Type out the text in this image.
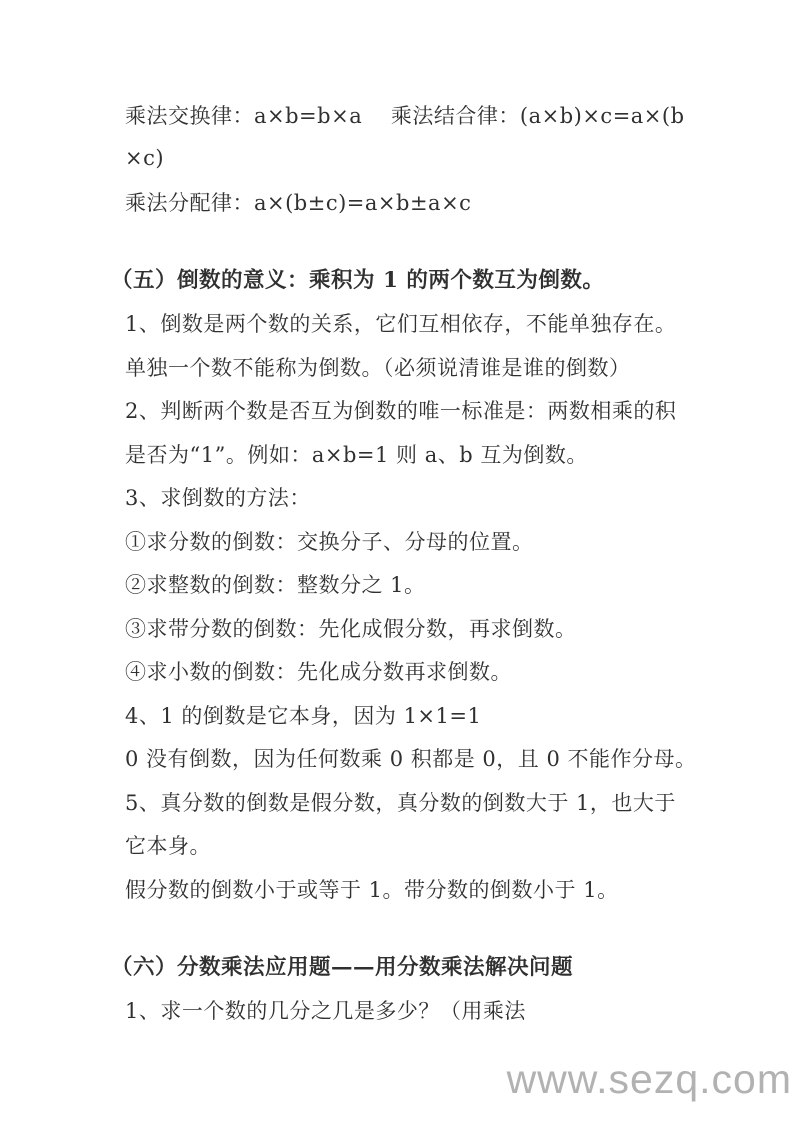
乘法交换律：a×b=b×a　 乘法结合律：(a×b)×c=a×(b
×c)
乘法分配律：a×(b±c)=a×b±a×c
（五）倒数的意义：乘积为 1 的两个数互为倒数。
1、倒数是两个数的关系，它们互相依存，不能单独存在。
单独一个数不能称为倒数。（必须说清谁是谁的倒数）
2、判断两个数是否互为倒数的唯一标准是：两数相乘的积
是否为“1”。例如：a×b=1 则 a、b 互为倒数。
3、求倒数的方法：
①求分数的倒数：交换分子、分母的位置。
②求整数的倒数：整数分之 1。
③求带分数的倒数：先化成假分数，再求倒数。
④求小数的倒数：先化成分数再求倒数。
4、1 的倒数是它本身，因为 1×1=1
0 没有倒数，因为任何数乘 0 积都是 0，且 0 不能作分母。
5、真分数的倒数是假分数，真分数的倒数大于 1，也大于
它本身。
假分数的倒数小于或等于 1。带分数的倒数小于 1。
（六）分数乘法应用题——用分数乘法解决问题
1、求一个数的几分之几是多少？（用乘法
www.sezq.com
